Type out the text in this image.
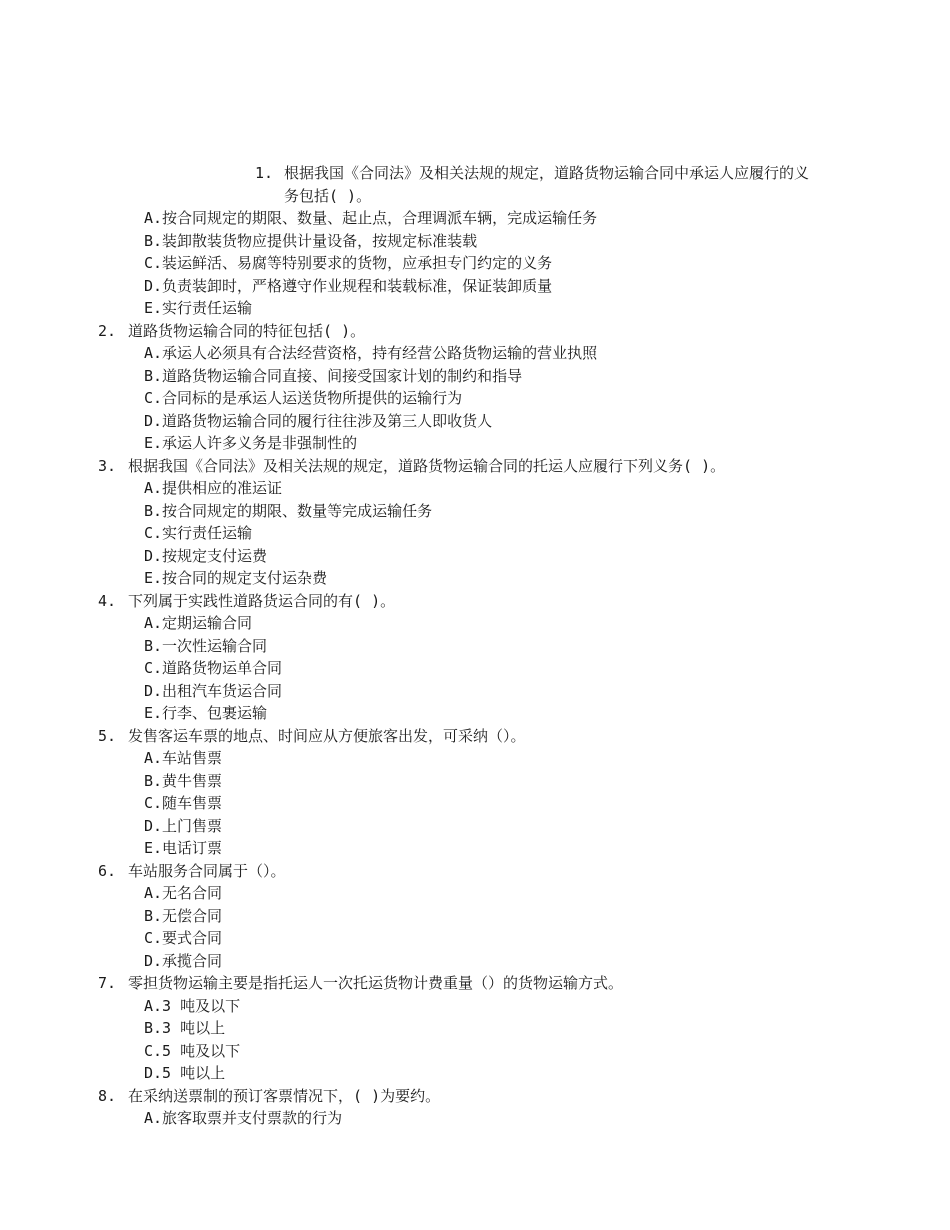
1. 根据我国《合同法》及相关法规的规定，道路货物运输合同中承运人应履行的义
务包括( )。
A.按合同规定的期限、数量、起止点，合理调派车辆，完成运输任务
B.装卸散装货物应提供计量设备，按规定标准装载
C.装运鲜活、易腐等特别要求的货物，应承担专门约定的义务
D.负责装卸时，严格遵守作业规程和装载标准，保证装卸质量
E.实行责任运输
2. 道路货物运输合同的特征包括( )。
A.承运人必须具有合法经营资格，持有经营公路货物运输的营业执照
B.道路货物运输合同直接、间接受国家计划的制约和指导
C.合同标的是承运人运送货物所提供的运输行为
D.道路货物运输合同的履行往往涉及第三人即收货人
E.承运人许多义务是非强制性的
3. 根据我国《合同法》及相关法规的规定，道路货物运输合同的托运人应履行下列义务( )。
A.提供相应的准运证
B.按合同规定的期限、数量等完成运输任务
C.实行责任运输
D.按规定支付运费
E.按合同的规定支付运杂费
4. 下列属于实践性道路货运合同的有( )。
A.定期运输合同
B.一次性运输合同
C.道路货物运单合同
D.出租汽车货运合同
E.行李、包裹运输
5. 发售客运车票的地点、时间应从方便旅客出发，可采纳（）。
A.车站售票
B.黄牛售票
C.随车售票
D.上门售票
E.电话订票
6. 车站服务合同属于（）。
A.无名合同
B.无偿合同
C.要式合同
D.承揽合同
7. 零担货物运输主要是指托运人一次托运货物计费重量（）的货物运输方式。
A.3 吨及以下
B.3 吨以上
C.5 吨及以下
D.5 吨以上
8. 在采纳送票制的预订客票情况下，( )为要约。
A.旅客取票并支付票款的行为
